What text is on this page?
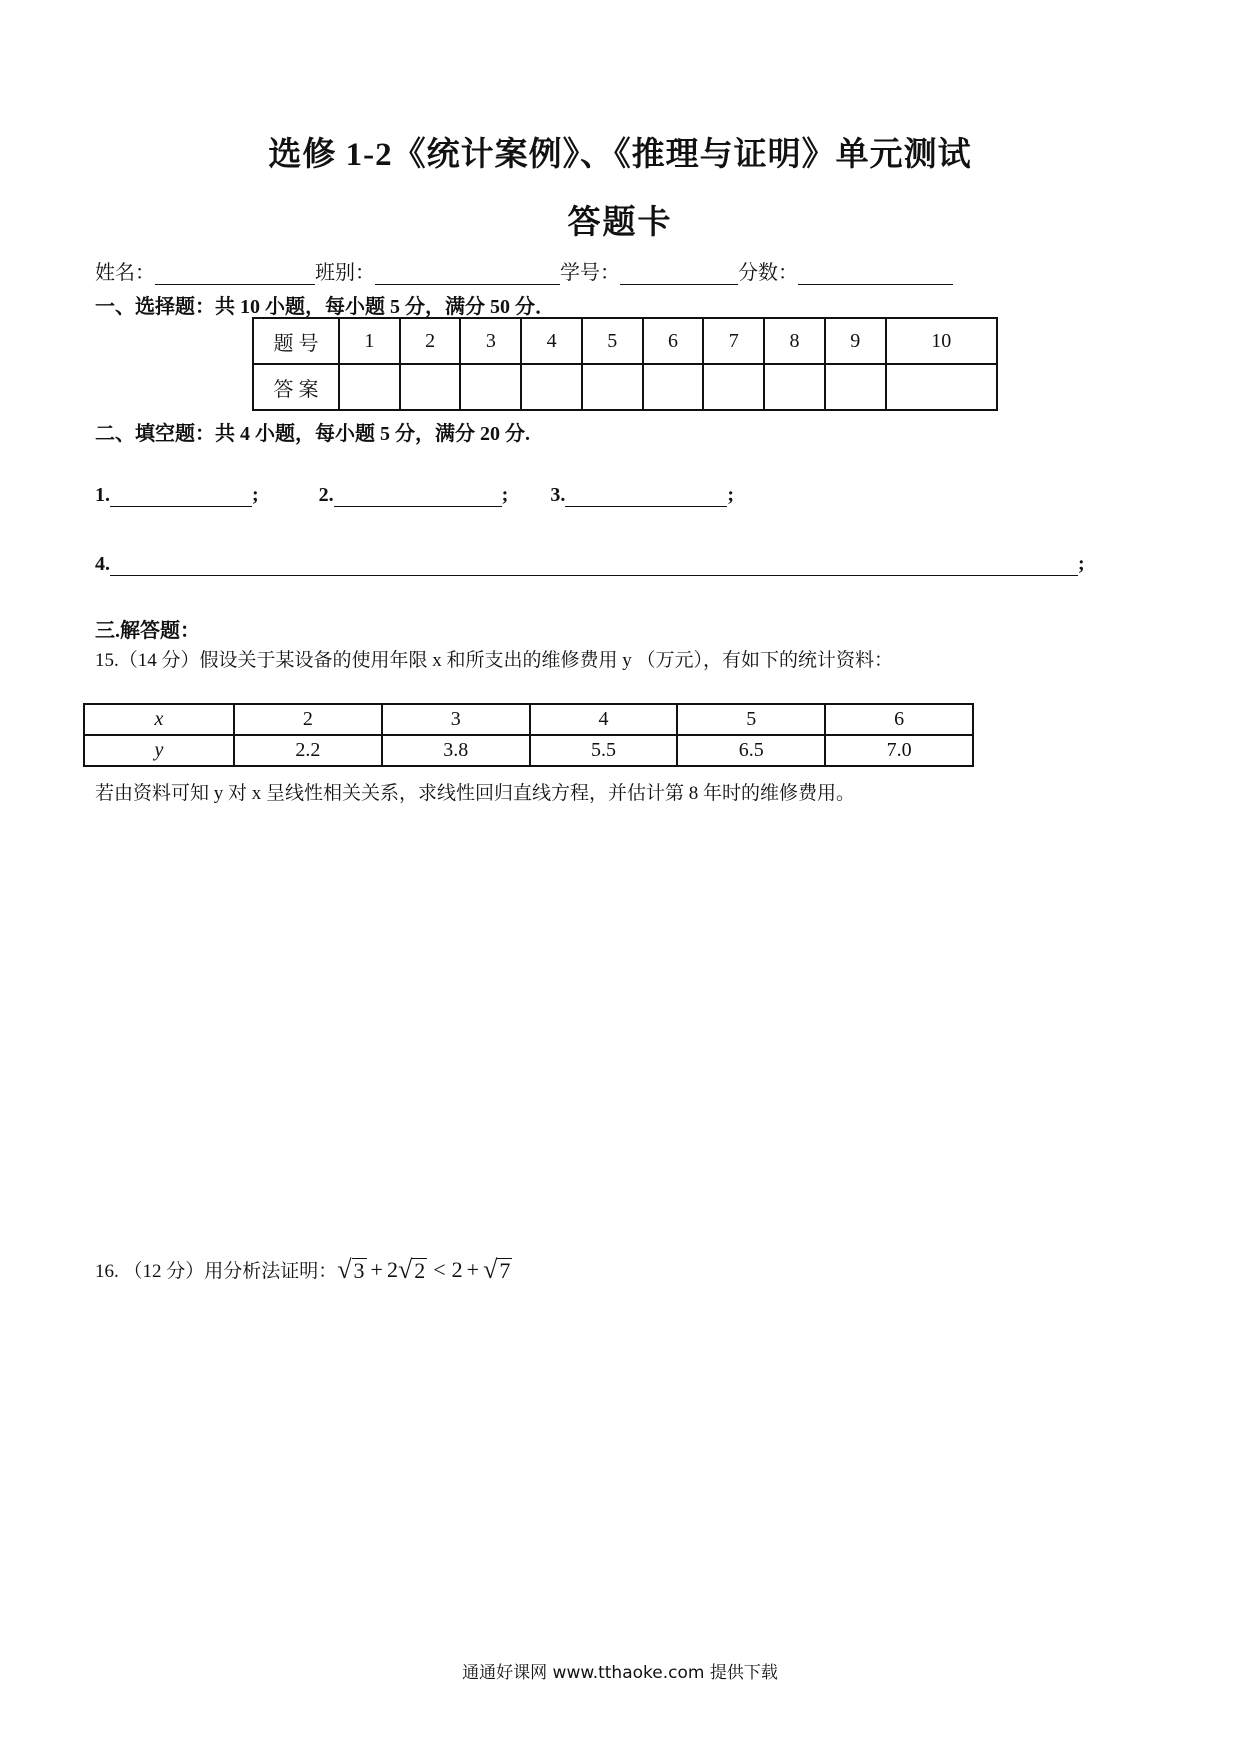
选修 1-2《统计案例》、《推理与证明》单元测试
答题卡
姓名：	班别：	学号：	分数：
一、选择题：共 10 小题，每小题 5 分，满分 50 分．
题 号	1	2	3	4	5	6	7	8	9	10
答 案										
二、填空题：共 4 小题，每小题 5 分，满分 20 分.
1.	;	2.	; 3.	;
4.	;
三.解答题：
15.（14 分）假设关于某设备的使用年限 x 和所支出的维修费用 y （万元），有如下的统计资料：
x	2	3	4	5	6
y	2.2	3.8	5.5	6.5	7.0
若由资料可知 y 对 x 呈线性相关关系，求线性回归直线方程，并估计第 8 年时的维修费用。
16. （12 分）用分析法证明： √ 3 + 2 √ 2 < 2 + √ 7
通通好课网 www.tthaoke.com 提供下载
